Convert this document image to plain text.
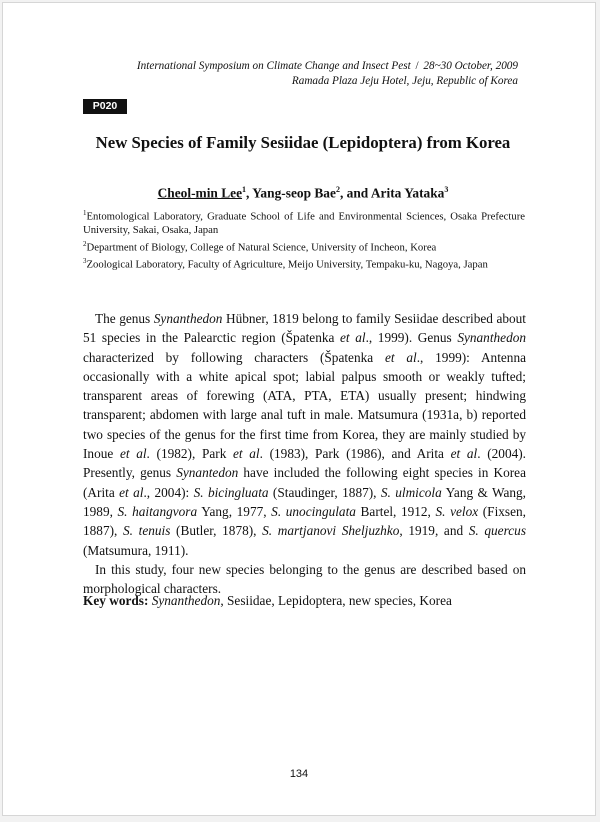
International Symposium on Climate Change and Insect Pest / 28~30 October, 2009
Ramada Plaza Jeju Hotel, Jeju, Republic of Korea
P020
New Species of Family Sesiidae (Lepidoptera) from Korea
Cheol-min Lee$^1$, Yang-seop Bae$^2$, and Arita Yataka$^3$
$^1$Entomological Laboratory, Graduate School of Life and Environmental Sciences, Osaka Prefecture University, Sakai, Osaka, Japan
$^2$Department of Biology, College of Natural Science, University of Incheon, Korea
$^3$Zoological Laboratory, Faculty of Agriculture, Meijo University, Tempaku-ku, Nagoya, Japan

The genus Synanthedon Hübner, 1819 belong to family Sesiidae described about 51 species in the Palearctic region (Špatenka et al., 1999). Genus Synanthedon characterized by following characters (Špatenka et al., 1999): Antenna occasionally with a white apical spot; labial palpus smooth or weakly tufted; transparent areas of forewing (ATA, PTA, ETA) usually present; hindwing transparent; abdomen with large anal tuft in male. Matsumura (1931a, b) reported two species of the genus for the first time from Korea, they are mainly studied by Inoue et al. (1982), Park et al. (1983), Park (1986), and Arita et al. (2004). Presently, genus Synantedon have included the following eight species in Korea (Arita et al., 2004): S. bicingluata (Staudinger, 1887), S. ulmicola Yang & Wang, 1989, S. haitangvora Yang, 1977, S. unocingulata Bartel, 1912, S. velox (Fixsen, 1887), S. tenuis (Butler, 1878), S. martjanovi Sheljuzhko, 1919, and S. quercus (Matsumura, 1911).

In this study, four new species belonging to the genus are described based on morphological characters.

Key words: Synanthedon, Sesiidae, Lepidoptera, new species, Korea
134
